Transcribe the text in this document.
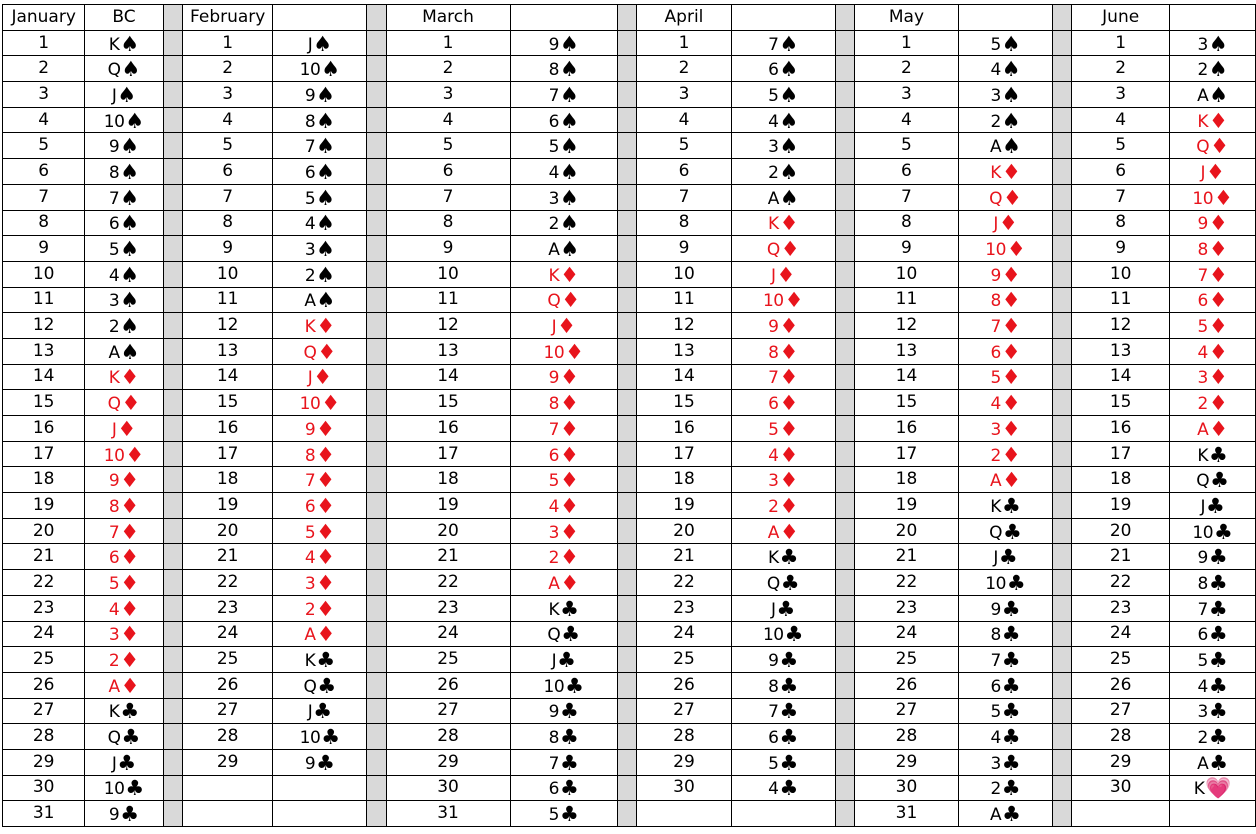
January	BC		February			March			April			May			June	
1	K♠		1	J♠		1	9♠		1	7♠		1	5♠		1	3♠
2	Q♠		2	10♠		2	8♠		2	6♠		2	4♠		2	2♠
3	J♠		3	9♠		3	7♠		3	5♠		3	3♠		3	A♠
4	10♠		4	8♠		4	6♠		4	4♠		4	2♠		4	K♦
5	9♠		5	7♠		5	5♠		5	3♠		5	A♠		5	Q♦
6	8♠		6	6♠		6	4♠		6	2♠		6	K♦		6	J♦
7	7♠		7	5♠		7	3♠		7	A♠		7	Q♦		7	10♦
8	6♠		8	4♠		8	2♠		8	K♦		8	J♦		8	9♦
9	5♠		9	3♠		9	A♠		9	Q♦		9	10♦		9	8♦
10	4♠		10	2♠		10	K♦		10	J♦		10	9♦		10	7♦
11	3♠		11	A♠		11	Q♦		11	10♦		11	8♦		11	6♦
12	2♠		12	K♦		12	J♦		12	9♦		12	7♦		12	5♦
13	A♠		13	Q♦		13	10♦		13	8♦		13	6♦		13	4♦
14	K♦		14	J♦		14	9♦		14	7♦		14	5♦		14	3♦
15	Q♦		15	10♦		15	8♦		15	6♦		15	4♦		15	2♦
16	J♦		16	9♦		16	7♦		16	5♦		16	3♦		16	A♦
17	10♦		17	8♦		17	6♦		17	4♦		17	2♦		17	K♣
18	9♦		18	7♦		18	5♦		18	3♦		18	A♦		18	Q♣
19	8♦		19	6♦		19	4♦		19	2♦		19	K♣		19	J♣
20	7♦		20	5♦		20	3♦		20	A♦		20	Q♣		20	10♣
21	6♦		21	4♦		21	2♦		21	K♣		21	J♣		21	9♣
22	5♦		22	3♦		22	A♦		22	Q♣		22	10♣		22	8♣
23	4♦		23	2♦		23	K♣		23	J♣		23	9♣		23	7♣
24	3♦		24	A♦		24	Q♣		24	10♣		24	8♣		24	6♣
25	2♦		25	K♣		25	J♣		25	9♣		25	7♣		25	5♣
26	A♦		26	Q♣		26	10♣		26	8♣		26	6♣		26	4♣
27	K♣		27	J♣		27	9♣		27	7♣		27	5♣		27	3♣
28	Q♣		28	10♣		28	8♣		28	6♣		28	4♣		28	2♣
29	J♣		29	9♣		29	7♣		29	5♣		29	3♣		29	A♣
30	10♣					30	6♣		30	4♣		30	2♣		30	K💗
31	9♣					31	5♣					31	A♣			
